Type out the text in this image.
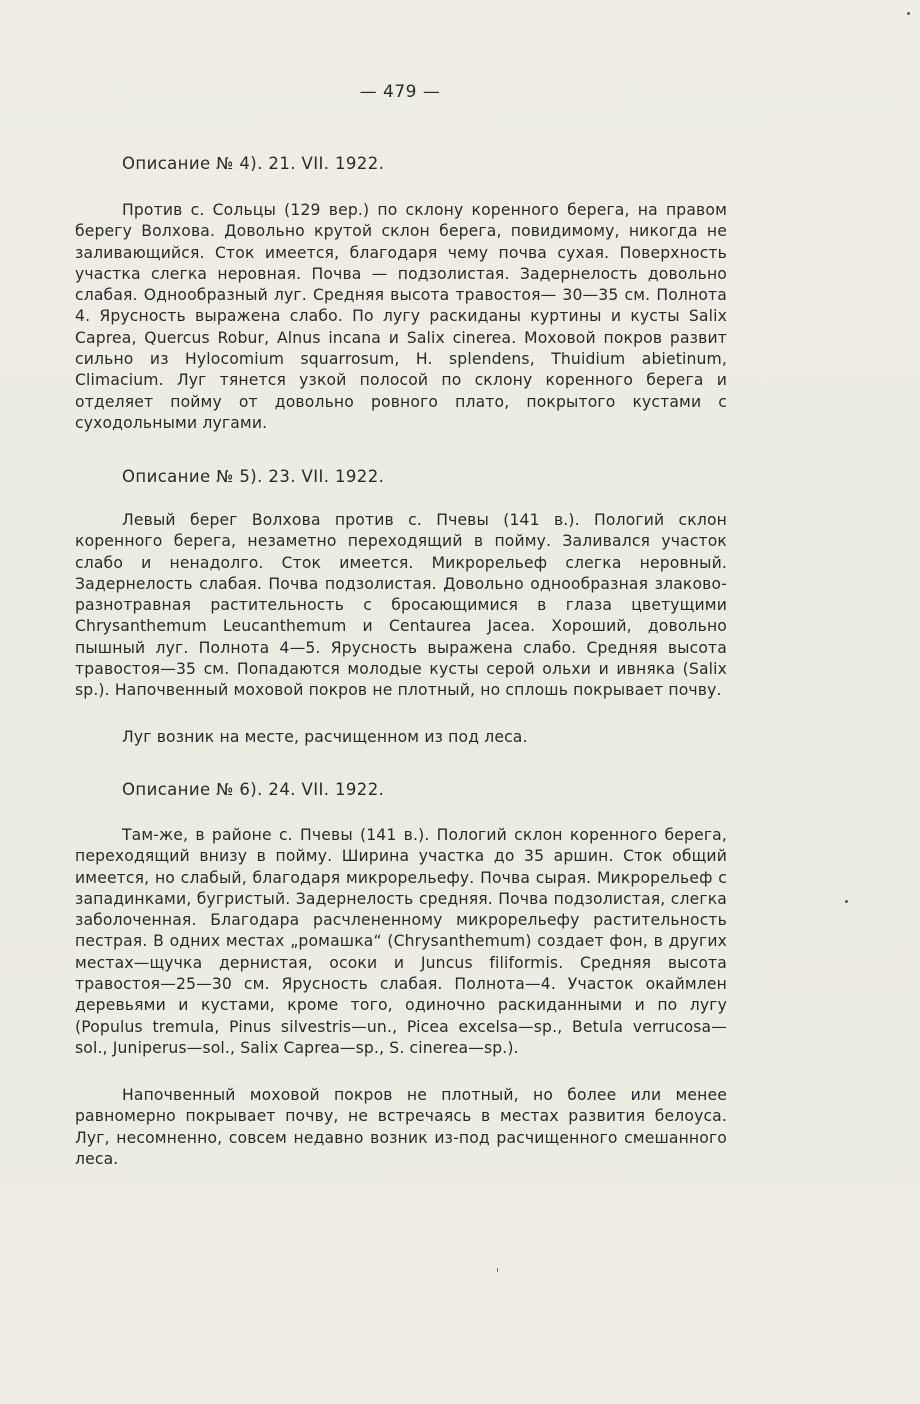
— 479 —
Описание № 4). 21. VII. 1922.

Против с. Сольцы (129 вер.) по склону коренного берега, на правом берегу Волхова. Довольно крутой склон берега, повидимому, никогда не заливающийся. Сток имеется, благодаря чему почва сухая. Поверхность участка слегка неровная. Почва — подзолистая. Задернелость довольно слабая. Однообразный луг. Средняя высота травостоя— 30—35 см. Полнота 4. Ярусность выражена слабо. По лугу раскиданы куртины и кусты Salix Caprea, Quercus Robur, Alnus incana и Salix cinerea. Моховой покров развит сильно из Hylocomium squarrosum, H. splendens, Thuidium abietinum, Climacium. Луг тянется узкой полосой по склону коренного берега и отделяет пойму от довольно ровного плато, покрытого кустами с суходольными лугами.

Описание № 5). 23. VII. 1922.

Левый берег Волхова против с. Пчевы (141 в.). Пологий склон коренного берега, незаметно переходящий в пойму. Заливался участок слабо и ненадолго. Сток имеется. Микрорельеф слегка неровный. Задернелость слабая. Почва подзолистая. Довольно однообразная злаково-разнотравная растительность с бросающимися в глаза цветущими Chrysanthemum Leucanthemum и Centaurea Jacea. Хороший, довольно пышный луг. Полнота 4—5. Ярусность выражена слабо. Средняя высота травостоя—35 см. Попадаются молодые кусты серой ольхи и ивняка (Salix sp.). Напочвенный моховой покров не плотный, но сплошь покрывает почву.

Луг возник на месте, расчищенном из под леса.

Описание № 6). 24. VII. 1922.

Там-же, в районе с. Пчевы (141 в.). Пологий склон коренного берега, переходящий внизу в пойму. Ширина участка до 35 аршин. Сток общий имеется, но слабый, благодаря микрорельефу. Почва сырая. Микрорельеф с западинками, бугристый. Задернелость средняя. Почва подзолистая, слегка заболоченная. Благодара расчлененному микрорельефу растительность пестрая. В одних местах „ромашка“ (Chrysanthemum) создает фон, в других местах—щучка дернистая, осоки и Juncus filiformis. Средняя высота травостоя—25—30 см. Ярусность слабая. Полнота—4. Участок окаймлен деревьями и кустами, кроме того, одиночно раскиданными и по лугу (Populus tremula, Pinus silvestris—un., Picea excelsa—sp., Betula verrucosa—sol., Juniperus—sol., Salix Caprea—sp., S. cinerea—sp.).

Напочвенный моховой покров не плотный, но более или менее равномерно покрывает почву, не встречаясь в местах развития белоуса. Луг, несомненно, совсем недавно возник из-под расчищенного смешанного леса.
